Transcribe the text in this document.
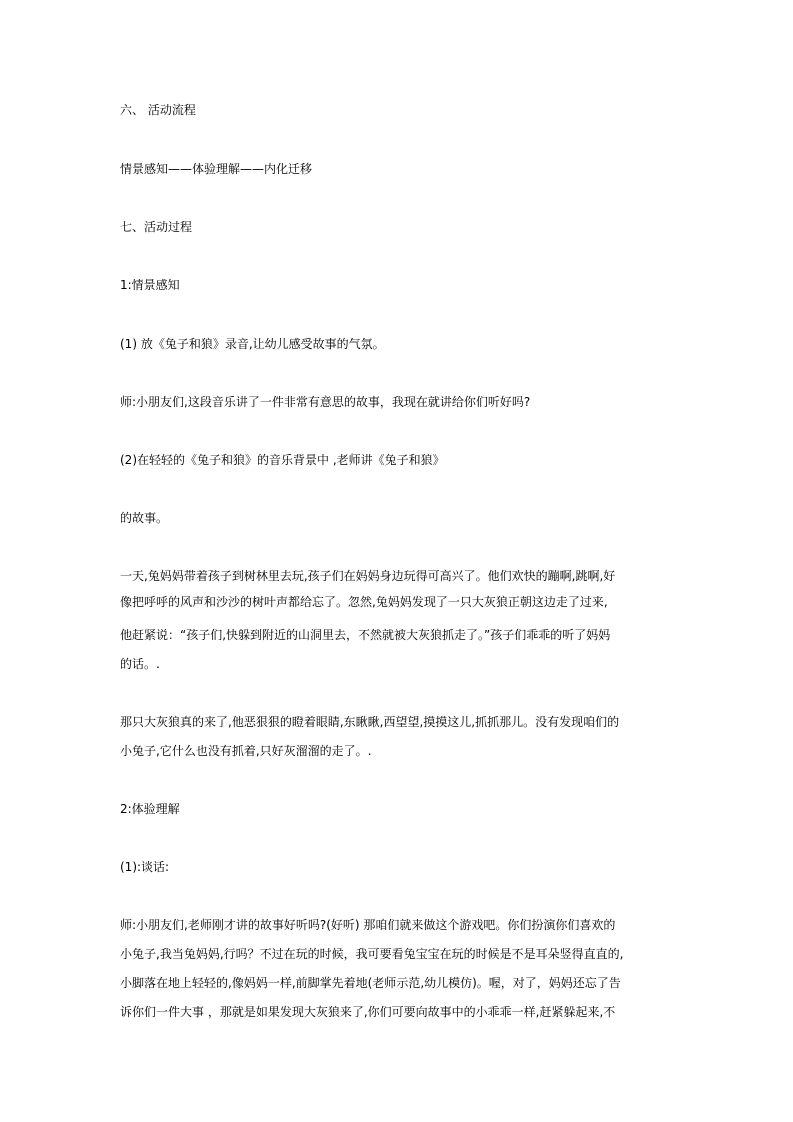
六、 活动流程
情景感知——体验理解——内化迁移
七、活动过程
1:情景感知
(1) 放《兔子和狼》录音,让幼儿感受故事的气氛。
师:小朋友们,这段音乐讲了一件非常有意思的故事，我现在就讲给你们听好吗?
(2)在轻轻的《兔子和狼》的音乐背景中 ,老师讲《兔子和狼》
的故事。
一天,兔妈妈带着孩子到树林里去玩,孩子们在妈妈身边玩得可高兴了。他们欢快的蹦啊,跳啊,好
像把呼呼的风声和沙沙的树叶声都给忘了。忽然,兔妈妈发现了一只大灰狼正朝这边走了过来,
他赶紧说：“孩子们,快躲到附近的山洞里去，不然就被大灰狼抓走了。”孩子们乖乖的听了妈妈
的话。.
那只大灰狼真的来了,他恶狠狠的瞪着眼睛,东瞅瞅,西望望,摸摸这儿,抓抓那儿。没有发现咱们的
小兔子,它什么也没有抓着,只好灰溜溜的走了。.
2:体验理解
(1):谈话:
师:小朋友们,老师刚才讲的故事好听吗?(好听) 那咱们就来做这个游戏吧。你们扮演你们喜欢的
小兔子,我当兔妈妈,行吗？不过在玩的时候，我可要看兔宝宝在玩的时候是不是耳朵竖得直直的,
小脚落在地上轻轻的,像妈妈一样,前脚掌先着地(老师示范,幼儿模仿)。喔，对了，妈妈还忘了告
诉你们一件大事 ，那就是如果发现大灰狼来了,你们可要向故事中的小乖乖一样,赶紧躲起来,不
